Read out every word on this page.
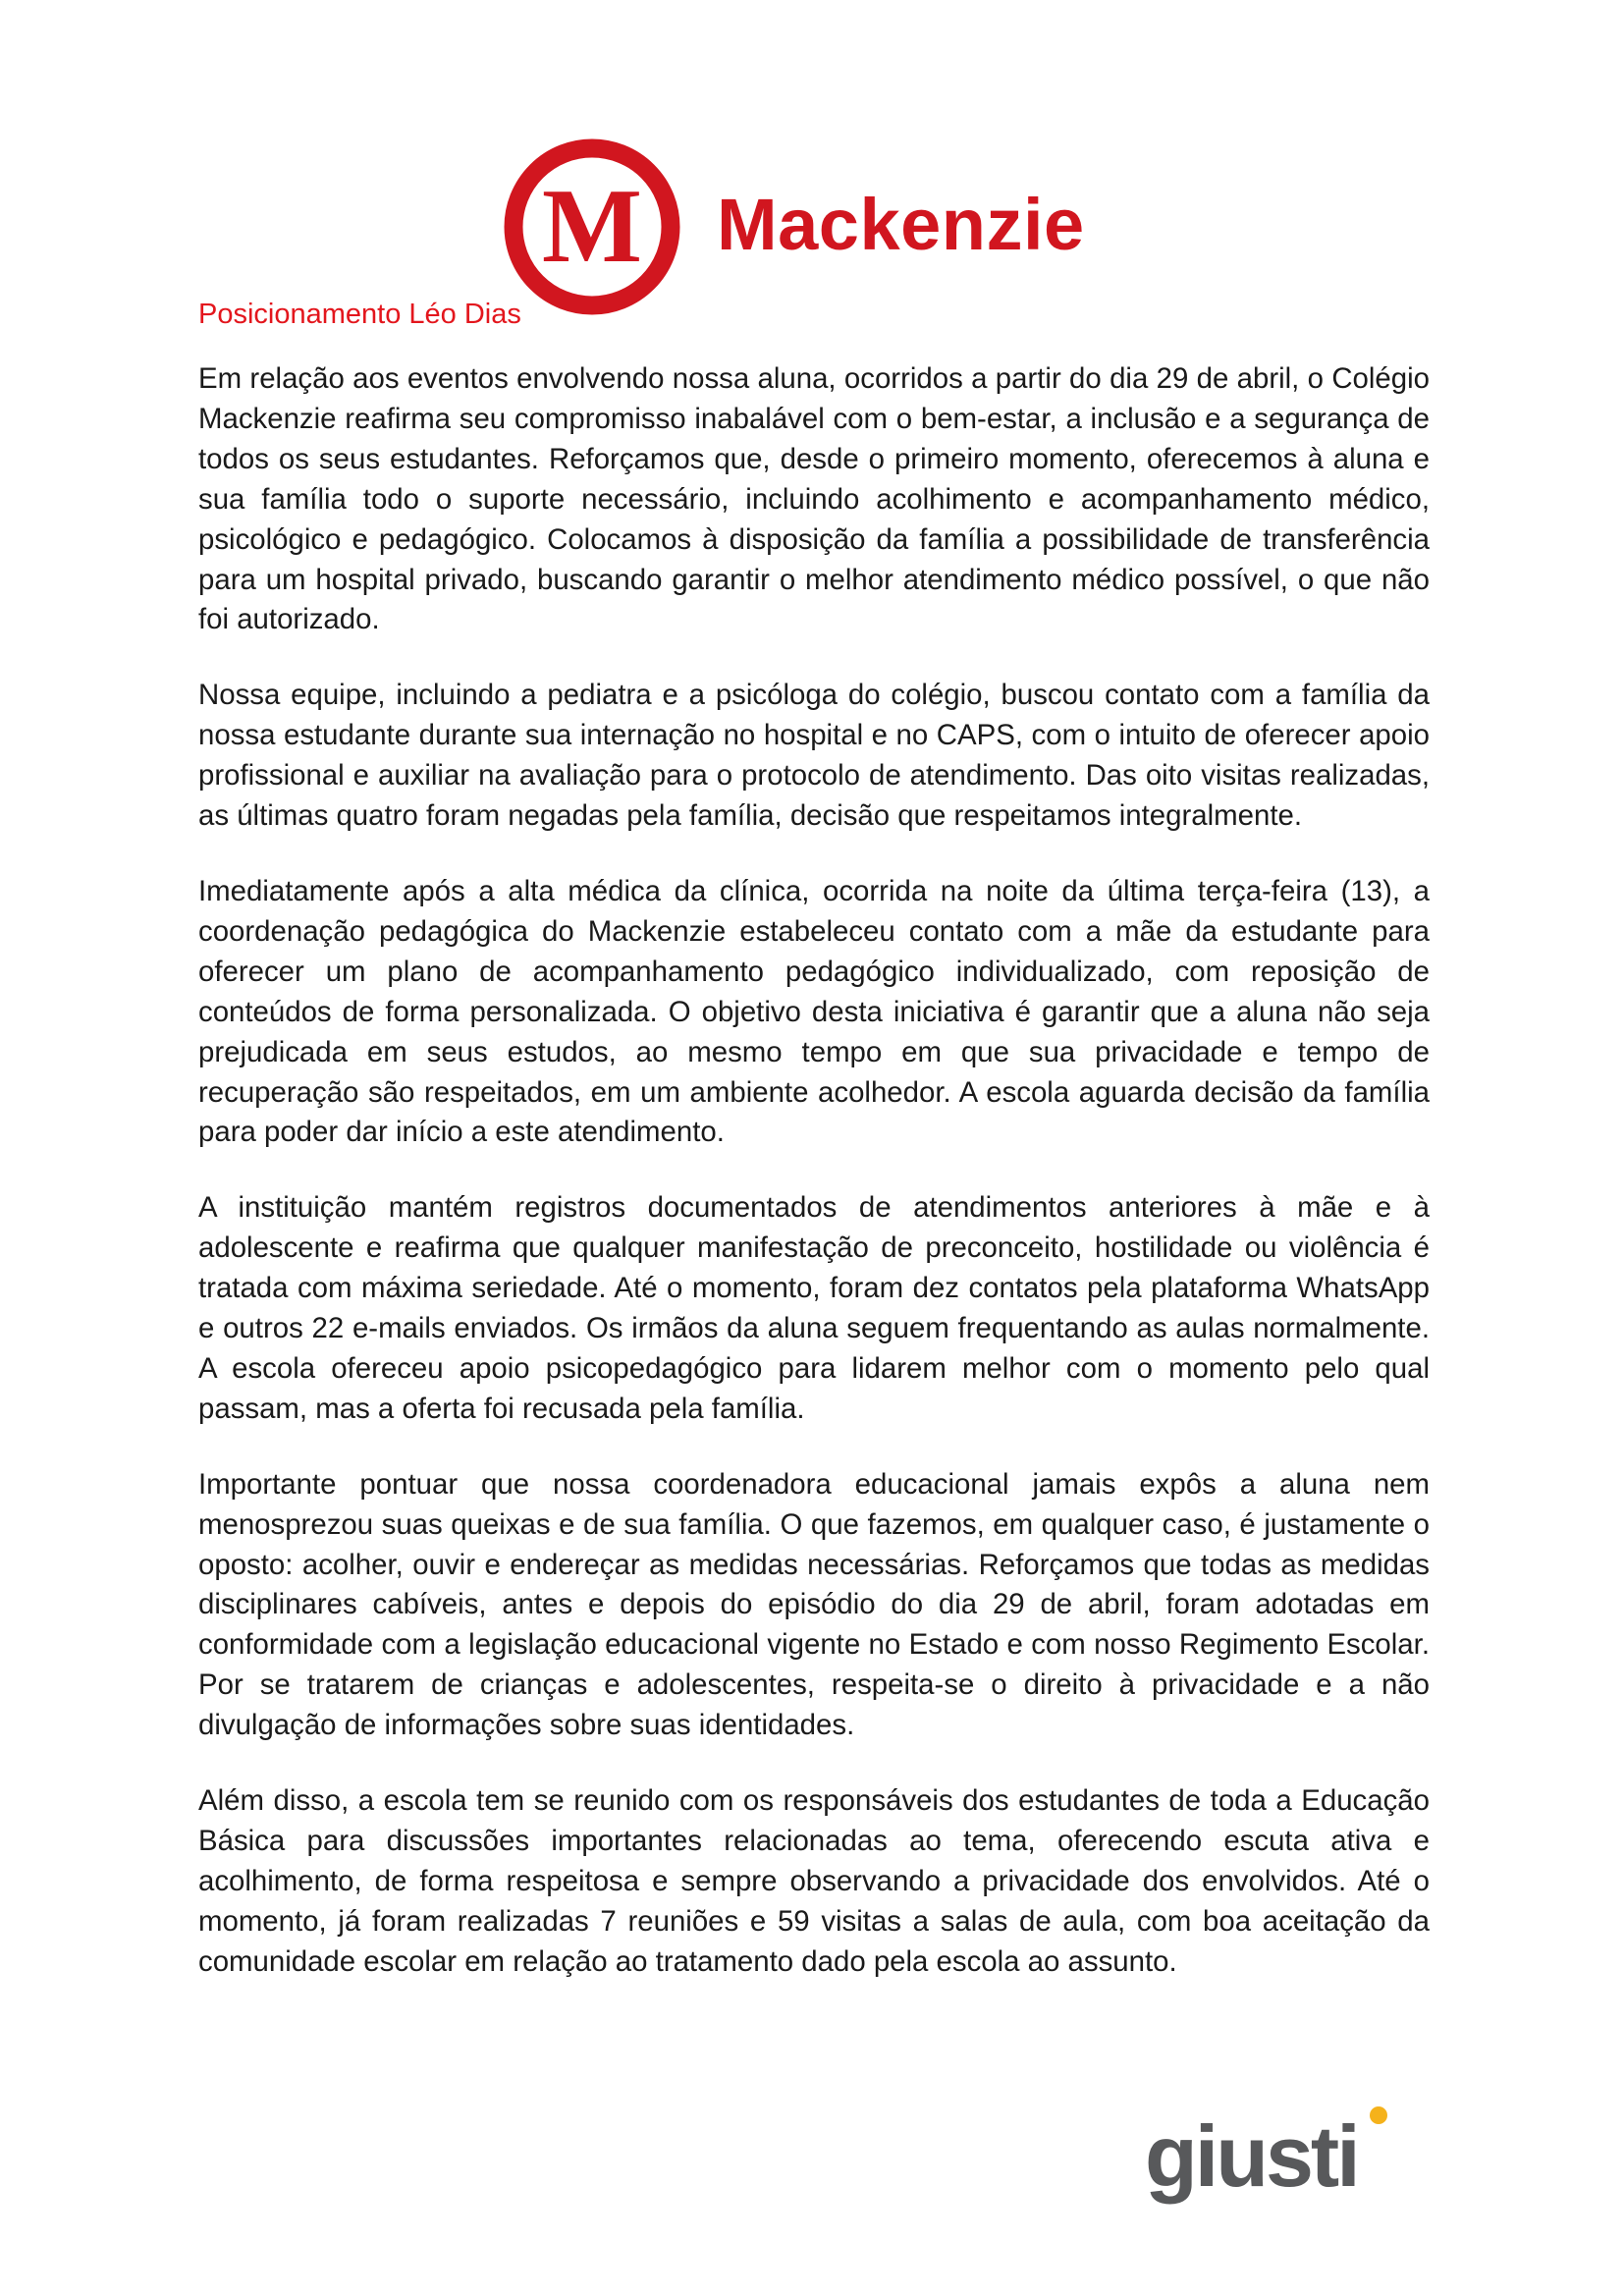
M Mackenzie
Posicionamento Léo Dias

Em relação aos eventos envolvendo nossa aluna, ocorridos a partir do dia 29 de abril, o Colégio Mackenzie reafirma seu compromisso inabalável com o bem-estar, a inclusão e a segurança de todos os seus estudantes. Reforçamos que, desde o primeiro momento, oferecemos à aluna e sua família todo o suporte necessário, incluindo acolhimento e acompanhamento médico, psicológico e pedagógico. Colocamos à disposição da família a possibilidade de transferência para um hospital privado, buscando garantir o melhor atendimento médico possível, o que não foi autorizado.

Nossa equipe, incluindo a pediatra e a psicóloga do colégio, buscou contato com a família da nossa estudante durante sua internação no hospital e no CAPS, com o intuito de oferecer apoio profissional e auxiliar na avaliação para o protocolo de atendimento. Das oito visitas realizadas, as últimas quatro foram negadas pela família, decisão que respeitamos integralmente.

Imediatamente após a alta médica da clínica, ocorrida na noite da última terça-feira (13), a coordenação pedagógica do Mackenzie estabeleceu contato com a mãe da estudante para oferecer um plano de acompanhamento pedagógico individualizado, com reposição de conteúdos de forma personalizada. O objetivo desta iniciativa é garantir que a aluna não seja prejudicada em seus estudos, ao mesmo tempo em que sua privacidade e tempo de recuperação são respeitados, em um ambiente acolhedor. A escola aguarda decisão da família para poder dar início a este atendimento.

A instituição mantém registros documentados de atendimentos anteriores à mãe e à adolescente e reafirma que qualquer manifestação de preconceito, hostilidade ou violência é tratada com máxima seriedade. Até o momento, foram dez contatos pela plataforma WhatsApp e outros 22 e-mails enviados. Os irmãos da aluna seguem frequentando as aulas normalmente. A escola ofereceu apoio psicopedagógico para lidarem melhor com o momento pelo qual passam, mas a oferta foi recusada pela família.

Importante pontuar que nossa coordenadora educacional jamais expôs a aluna nem menosprezou suas queixas e de sua família. O que fazemos, em qualquer caso, é justamente o oposto: acolher, ouvir e endereçar as medidas necessárias. Reforçamos que todas as medidas disciplinares cabíveis, antes e depois do episódio do dia 29 de abril, foram adotadas em conformidade com a legislação educacional vigente no Estado e com nosso Regimento Escolar. Por se tratarem de crianças e adolescentes, respeita-se o direito à privacidade e a não divulgação de informações sobre suas identidades.

Além disso, a escola tem se reunido com os responsáveis dos estudantes de toda a Educação Básica para discussões importantes relacionadas ao tema, oferecendo escuta ativa e acolhimento, de forma respeitosa e sempre observando a privacidade dos envolvidos. Até o momento, já foram realizadas 7 reuniões e 59 visitas a salas de aula, com boa aceitação da comunidade escolar em relação ao tratamento dado pela escola ao assunto.

giusti
